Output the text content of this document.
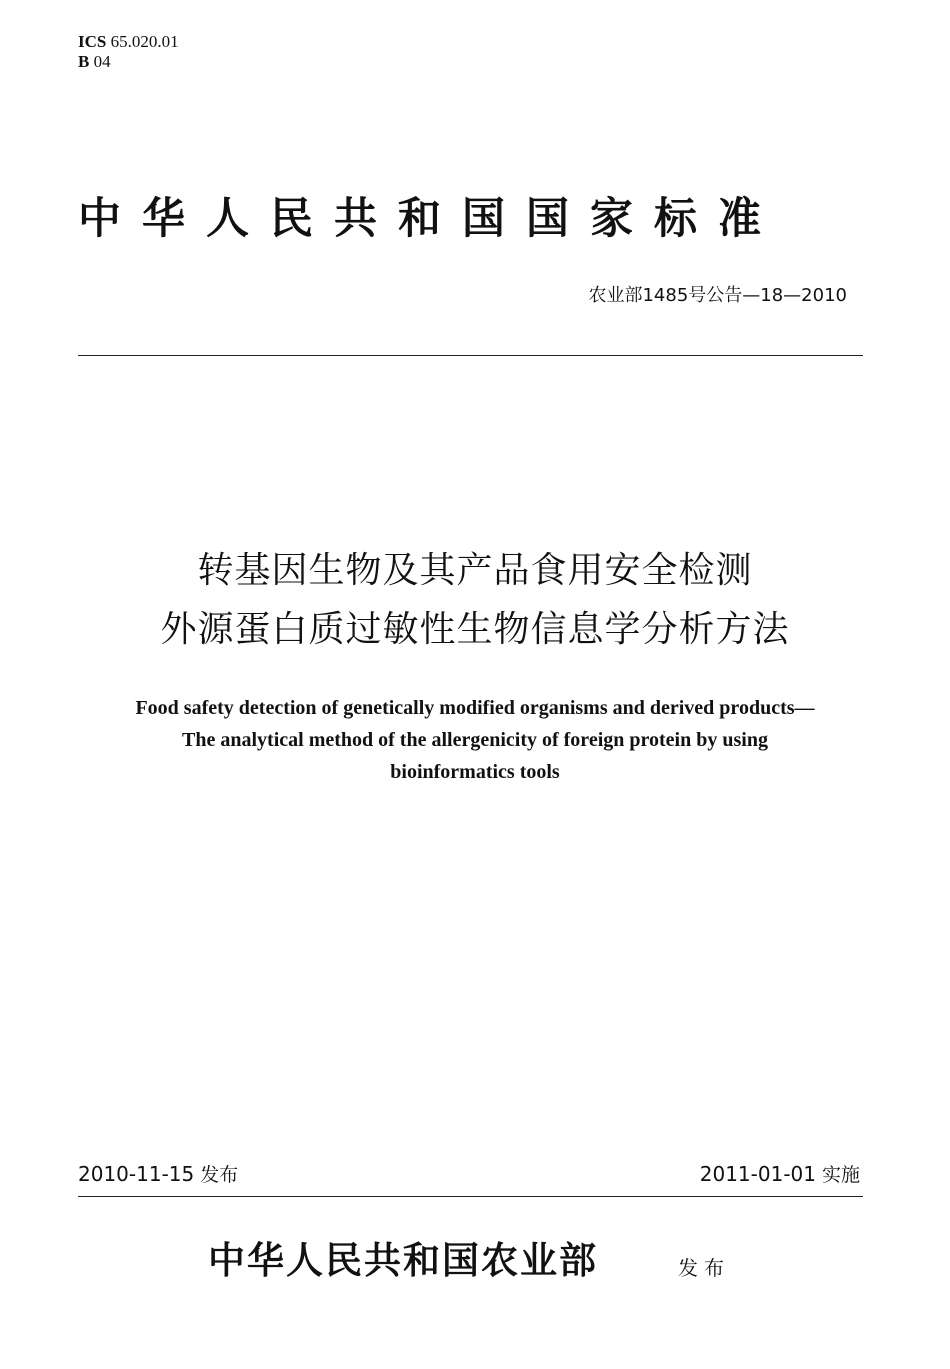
ICS 65.020.01
B 04
中华人民共和国国家标准
农业部1485号公告—18—2010
转基因生物及其产品食用安全检测
外源蛋白质过敏性生物信息学分析方法
Food safety detection of genetically modified organisms and derived products—
The analytical method of the allergenicity of foreign protein by using
bioinformatics tools
2010-11-15 发布	2011-01-01 实施
中华人民共和国农业部	发布
